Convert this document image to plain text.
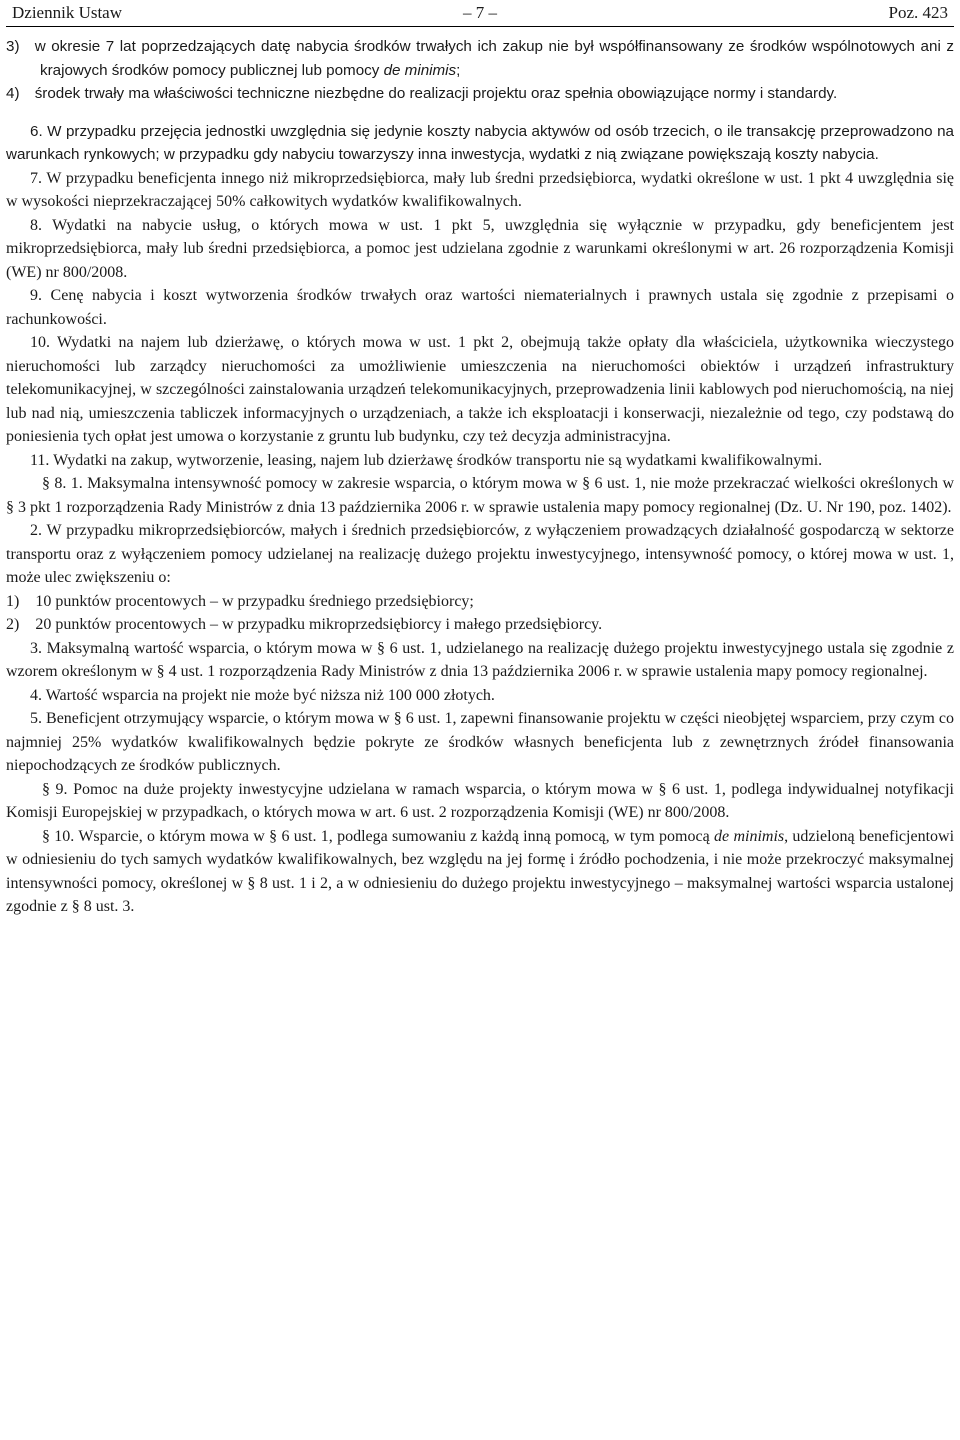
Dziennik Ustaw	– 7 –	Poz. 423

3) w okresie 7 lat poprzedzających datę nabycia środków trwałych ich zakup nie był współfinansowany ze środków wspólnotowych ani z krajowych środków pomocy publicznej lub pomocy de minimis;

4) środek trwały ma właściwości techniczne niezbędne do realizacji projektu oraz spełnia obowiązujące normy i standardy.

6. W przypadku przejęcia jednostki uwzględnia się jedynie koszty nabycia aktywów od osób trzecich, o ile transakcję przeprowadzono na warunkach rynkowych; w przypadku gdy nabyciu towarzyszy inna inwestycja, wydatki z nią związane powiększają koszty nabycia.

7. W przypadku beneficjenta innego niż mikroprzedsiębiorca, mały lub średni przedsiębiorca, wydatki określone w ust. 1 pkt 4 uwzględnia się w wysokości nieprzekraczającej 50% całkowitych wydatków kwalifikowalnych.

8. Wydatki na nabycie usług, o których mowa w ust. 1 pkt 5, uwzględnia się wyłącznie w przypadku, gdy beneficjentem jest mikroprzedsiębiorca, mały lub średni przedsiębiorca, a pomoc jest udzielana zgodnie z warunkami określonymi w art. 26 rozporządzenia Komisji (WE) nr 800/2008.

9. Cenę nabycia i koszt wytworzenia środków trwałych oraz wartości niematerialnych i prawnych ustala się zgodnie z przepisami o rachunkowości.

10. Wydatki na najem lub dzierżawę, o których mowa w ust. 1 pkt 2, obejmują także opłaty dla właściciela, użytkownika wieczystego nieruchomości lub zarządcy nieruchomości za umożliwienie umieszczenia na nieruchomości obiektów i urządzeń infrastruktury telekomunikacyjnej, w szczególności zainstalowania urządzeń telekomunikacyjnych, przeprowadzenia linii kablowych pod nieruchomością, na niej lub nad nią, umieszczenia tabliczek informacyjnych o urządzeniach, a także ich eksploatacji i konserwacji, niezależnie od tego, czy podstawą do poniesienia tych opłat jest umowa o korzystanie z gruntu lub budynku, czy też decyzja administracyjna.

11. Wydatki na zakup, wytworzenie, leasing, najem lub dzierżawę środków transportu nie są wydatkami kwalifikowalnymi.

§ 8. 1. Maksymalna intensywność pomocy w zakresie wsparcia, o którym mowa w § 6 ust. 1, nie może przekraczać wielkości określonych w § 3 pkt 1 rozporządzenia Rady Ministrów z dnia 13 października 2006 r. w sprawie ustalenia mapy pomocy regionalnej (Dz. U. Nr 190, poz. 1402).

2. W przypadku mikroprzedsiębiorców, małych i średnich przedsiębiorców, z wyłączeniem prowadzących działalność gospodarczą w sektorze transportu oraz z wyłączeniem pomocy udzielanej na realizację dużego projektu inwestycyjnego, intensywność pomocy, o której mowa w ust. 1, może ulec zwiększeniu o:

1) 10 punktów procentowych – w przypadku średniego przedsiębiorcy;

2) 20 punktów procentowych – w przypadku mikroprzedsiębiorcy i małego przedsiębiorcy.

3. Maksymalną wartość wsparcia, o którym mowa w § 6 ust. 1, udzielanego na realizację dużego projektu inwestycyjnego ustala się zgodnie z wzorem określonym w § 4 ust. 1 rozporządzenia Rady Ministrów z dnia 13 października 2006 r. w sprawie ustalenia mapy pomocy regionalnej.

4. Wartość wsparcia na projekt nie może być niższa niż 100 000 złotych.

5. Beneficjent otrzymujący wsparcie, o którym mowa w § 6 ust. 1, zapewni finansowanie projektu w części nieobjętej wsparciem, przy czym co najmniej 25% wydatków kwalifikowalnych będzie pokryte ze środków własnych beneficjenta lub z zewnętrznych źródeł finansowania niepochodzących ze środków publicznych.

§ 9. Pomoc na duże projekty inwestycyjne udzielana w ramach wsparcia, o którym mowa w § 6 ust. 1, podlega indywidualnej notyfikacji Komisji Europejskiej w przypadkach, o których mowa w art. 6 ust. 2 rozporządzenia Komisji (WE) nr 800/2008.

§ 10. Wsparcie, o którym mowa w § 6 ust. 1, podlega sumowaniu z każdą inną pomocą, w tym pomocą de minimis, udzieloną beneficjentowi w odniesieniu do tych samych wydatków kwalifikowalnych, bez względu na jej formę i źródło pochodzenia, i nie może przekroczyć maksymalnej intensywności pomocy, określonej w § 8 ust. 1 i 2, a w odniesieniu do dużego projektu inwestycyjnego – maksymalnej wartości wsparcia ustalonej zgodnie z § 8 ust. 3.
